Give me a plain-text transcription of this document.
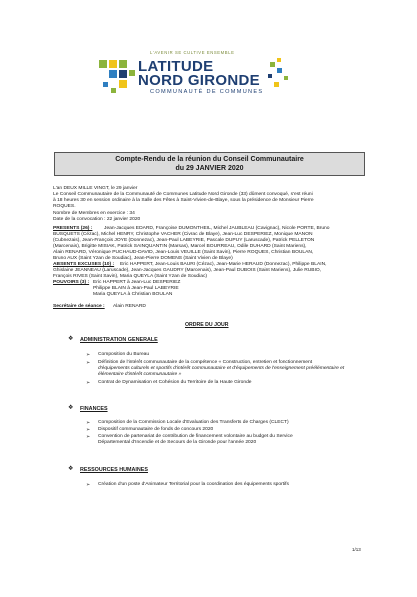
L'AVENIR SE CULTIVE ENSEMBLE
LATITUDE
NORD GIRONDE
COMMUNAUTÉ DE COMMUNES
Compte-Rendu de la réunion du Conseil Communautaire
du 29 JANVIER 2020
L'an DEUX MILLE VINGT, le 29 janvier
Le Conseil Communautaire de la Communauté de Communes Latitude Nord Gironde (33) dûment convoqué, s'est réuni
à 18 heures 30 en session ordinaire à la Salle des Fêtes à Saint-Vivien-de-Blaye, sous la présidence de Monsieur Pierre
ROQUES.
Nombre de Membres en exercice : 34
Date de la convocation : 22 janvier 2020
PRESENTS (26) : Jean-Jacques EDARD, Françoise DUMONTHEIL, Michel JAUBLEAU (Cavignac), Nicole PORTE, Bruno
BUSQUETS (Cézac), Michel HENRY, Christophe VACHER (Civrac de Blaye), Jean-Luc DESPERIEZ, Monique MANON
(Cubnezais), Jean-François JOYE (Donnezac), Jean-Paul LABEYRIE, Pascale DUPUY (Laruscade), Patrick PELLETON
(Marcenais), Brigitte MISIAK, Patrick SAINQUANTIN (Marsas), Marcel BOURREAU, Odile DUHARD (Saint Mariens),
Alain RENARD, Véronique PUCHAUD-DAVID, Jean-Louis VEUILLE (Saint Savin), Pierre ROQUES, Christian BOULAN,
Bruno AUX (Saint Yzan de Soudiac), Jean-Pierre DOMENS (Saint Vivien de Blaye)
ABSENTS EXCUSES (10) : Eric HAPPERT, Jean-Louis BAURI (Cézac), Jean-Marie HERAUD (Donnezac), Philippe BLAIN,
Ghislaine JEANNEAU (Laruscade), Jean-Jacques GAUDRY (Marcenais), Jean-Paul DUBOIS (Saint Mariens), Julie RUBIO,
François RIVES (Saint Savin), Maria QUEYLA (Saint Yzan de Soudiac)
POUVOIRS (3) : Eric HAPPERT à Jean-Luc DESPERIEZ
Philippe BLAIN à Jean-Paul LABEYRIE
Maria QUEYLA à Christian BOULAN
Secrétaire de séance : Alain RENARD
ORDRE DU JOUR
❖ ADMINISTRATION GENERALE
➢ Composition du Bureau
➢ Définition de l'intérêt communautaire de la compétence « Construction, entretien et fonctionnement
d'équipements culturels et sportifs d'intérêt communautaire et d'équipements de l'enseignement préélémentaire et
élémentaire d'intérêt communautaire »
➢ Contrat de Dynamisation et Cohésion du Territoire de la Haute Gironde
❖ FINANCES
➢ Composition de la Commission Locale d'Evaluation des Transferts de Charges (CLECT)
➢ Dispositif communautaire de fonds de concours 2020
➢ Convention de partenariat de contribution de financement volontaire au budget du Service
Départemental d'Incendie et de Secours de la Gironde pour l'année 2020
❖ RESSOURCES HUMAINES
➢ Création d'un poste d'Animateur Territorial pour la coordination des équipements sportifs
1/13
